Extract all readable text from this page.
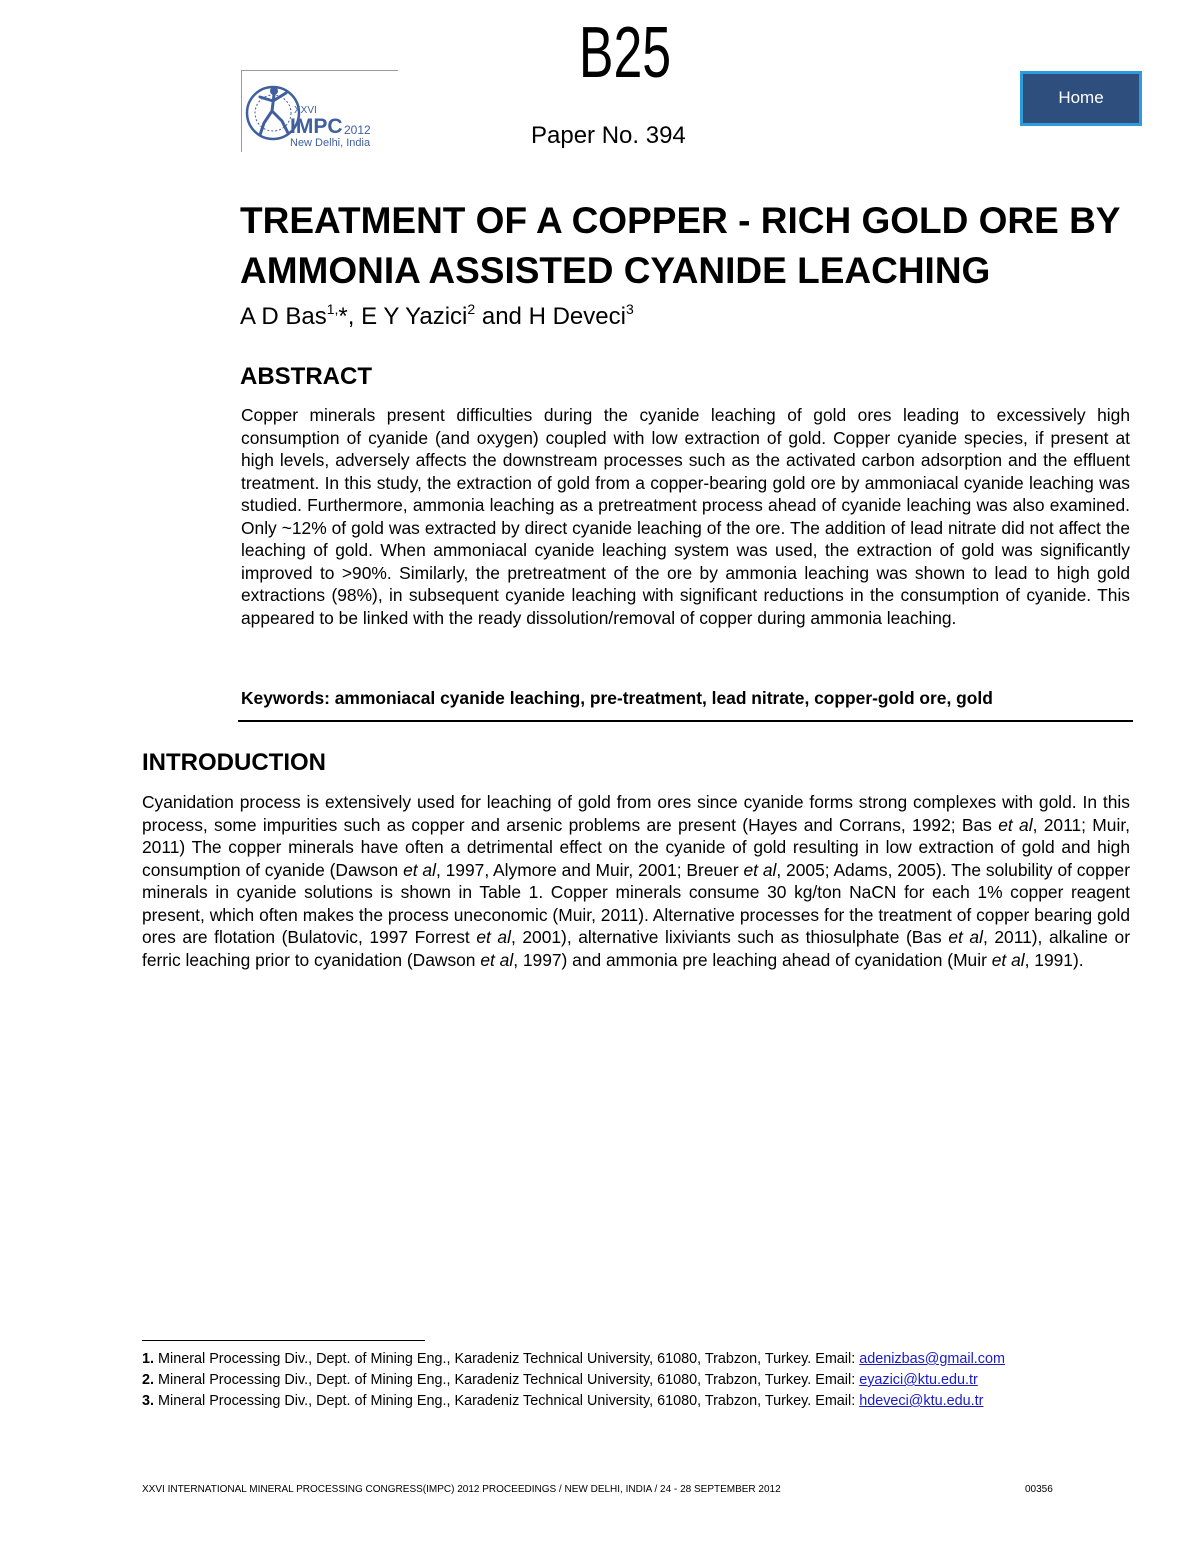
B25
XXVI
IMPC 2012
New Delhi, India	Paper No. 394
Home
TREATMENT OF A COPPER - RICH GOLD ORE BY AMMONIA ASSISTED CYANIDE LEACHING
A D Bas$^{1,}$*, E Y Yazici$^2$ and H Deveci$^3$
ABSTRACT

Copper minerals present difficulties during the cyanide leaching of gold ores leading to excessively high consumption of cyanide (and oxygen) coupled with low extraction of gold. Copper cyanide species, if present at high levels, adversely affects the downstream processes such as the activated carbon adsorption and the effluent treatment. In this study, the extraction of gold from a copper-bearing gold ore by ammoniacal cyanide leaching was studied. Furthermore, ammonia leaching as a pretreatment process ahead of cyanide leaching was also examined. Only ~12% of gold was extracted by direct cyanide leaching of the ore. The addition of lead nitrate did not affect the leaching of gold. When ammoniacal cyanide leaching system was used, the extraction of gold was significantly improved to >90%. Similarly, the pretreatment of the ore by ammonia leaching was shown to lead to high gold extractions (98%), in subsequent cyanide leaching with significant reductions in the consumption of cyanide. This appeared to be linked with the ready dissolution/removal of copper during ammonia leaching.

Keywords: ammoniacal cyanide leaching, pre-treatment, lead nitrate, copper-gold ore, gold
INTRODUCTION

Cyanidation process is extensively used for leaching of gold from ores since cyanide forms strong complexes with gold. In this process, some impurities such as copper and arsenic problems are present (Hayes and Corrans, 1992; Bas et al, 2011; Muir, 2011) The copper minerals have often a detrimental effect on the cyanide of gold resulting in low extraction of gold and high consumption of cyanide (Dawson et al, 1997, Alymore and Muir, 2001; Breuer et al, 2005; Adams, 2005). The solubility of copper minerals in cyanide solutions is shown in Table 1. Copper minerals consume 30 kg/ton NaCN for each 1% copper reagent present, which often makes the process uneconomic (Muir, 2011). Alternative processes for the treatment of copper bearing gold ores are flotation (Bulatovic, 1997 Forrest et al, 2001), alternative lixiviants such as thiosulphate (Bas et al, 2011), alkaline or ferric leaching prior to cyanidation (Dawson et al, 1997) and ammonia pre leaching ahead of cyanidation (Muir et al, 1991).

1. Mineral Processing Div., Dept. of Mining Eng., Karadeniz Technical University, 61080, Trabzon, Turkey. Email: adenizbas@gmail.com
2. Mineral Processing Div., Dept. of Mining Eng., Karadeniz Technical University, 61080, Trabzon, Turkey. Email: eyazici@ktu.edu.tr
3. Mineral Processing Div., Dept. of Mining Eng., Karadeniz Technical University, 61080, Trabzon, Turkey. Email: hdeveci@ktu.edu.tr
XXVI INTERNATIONAL MINERAL PROCESSING CONGRESS(IMPC) 2012 PROCEEDINGS / NEW DELHI, INDIA / 24 - 28 SEPTEMBER 2012	00356
